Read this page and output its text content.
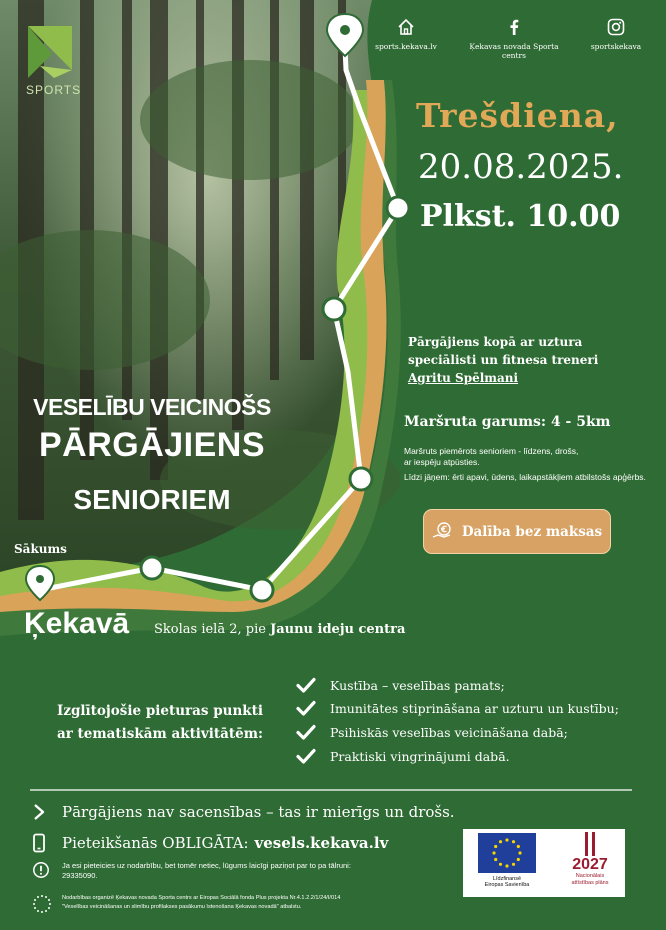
SPORTS
sports.kekava.lv	Ķekavas novada Sporta centrs
sportskekava
Trešdiena,
20.08.2025.
Plkst. 10.00
Pārgājiens kopā ar uztura speciālisti un fitnesa treneri Agritu Spēlmani
VESELĪBU VEICINOŠS
PĀRGĀJIENS
SENIORIEM
Maršruta garums: 4 - 5km
Maršruts piemērots senioriem - līdzens, drošs, ar iespēju atpūsties.
Līdzi jāņem: ērti apavi, ūdens, laikapstākļiem atbilstošs apģērbs.
Dalība bez maksas
Sākums
Ķekavā Skolas ielā 2, pie Jaunu ideju centra
Izglītojošie pieturas punkti
ar tematiskām aktivitātēm:
Kustība – veselības pamats;
Imunitātes stiprināšana ar uzturu un kustību;
Psihiskās veselības veicināšana dabā;
Praktiski vingrinājumi dabā.
Pārgājiens nav sacensības – tas ir mierīgs un drošs.
Pieteikšanās OBLIGĀTA: vesels.kekava.lv
Ja esi pieteicies uz nodarbību, bet tomēr netiec, lūgums laicīgi paziņot par to pa tālruni: 29335090.
Nodarbības organizē Ķekavas novada Sporta centrs ar Eiropas Sociālā fonda Plus projekta Nr.4.1.2.2/1/24/I/014
"Veselības veicināšanas un slimību profilakses pasākumu īstenošana Ķekavas novadā" atbalstu.
Līdzfinansē
Eiropas Savienība
2027
Nacionālais
attīstības plāns
